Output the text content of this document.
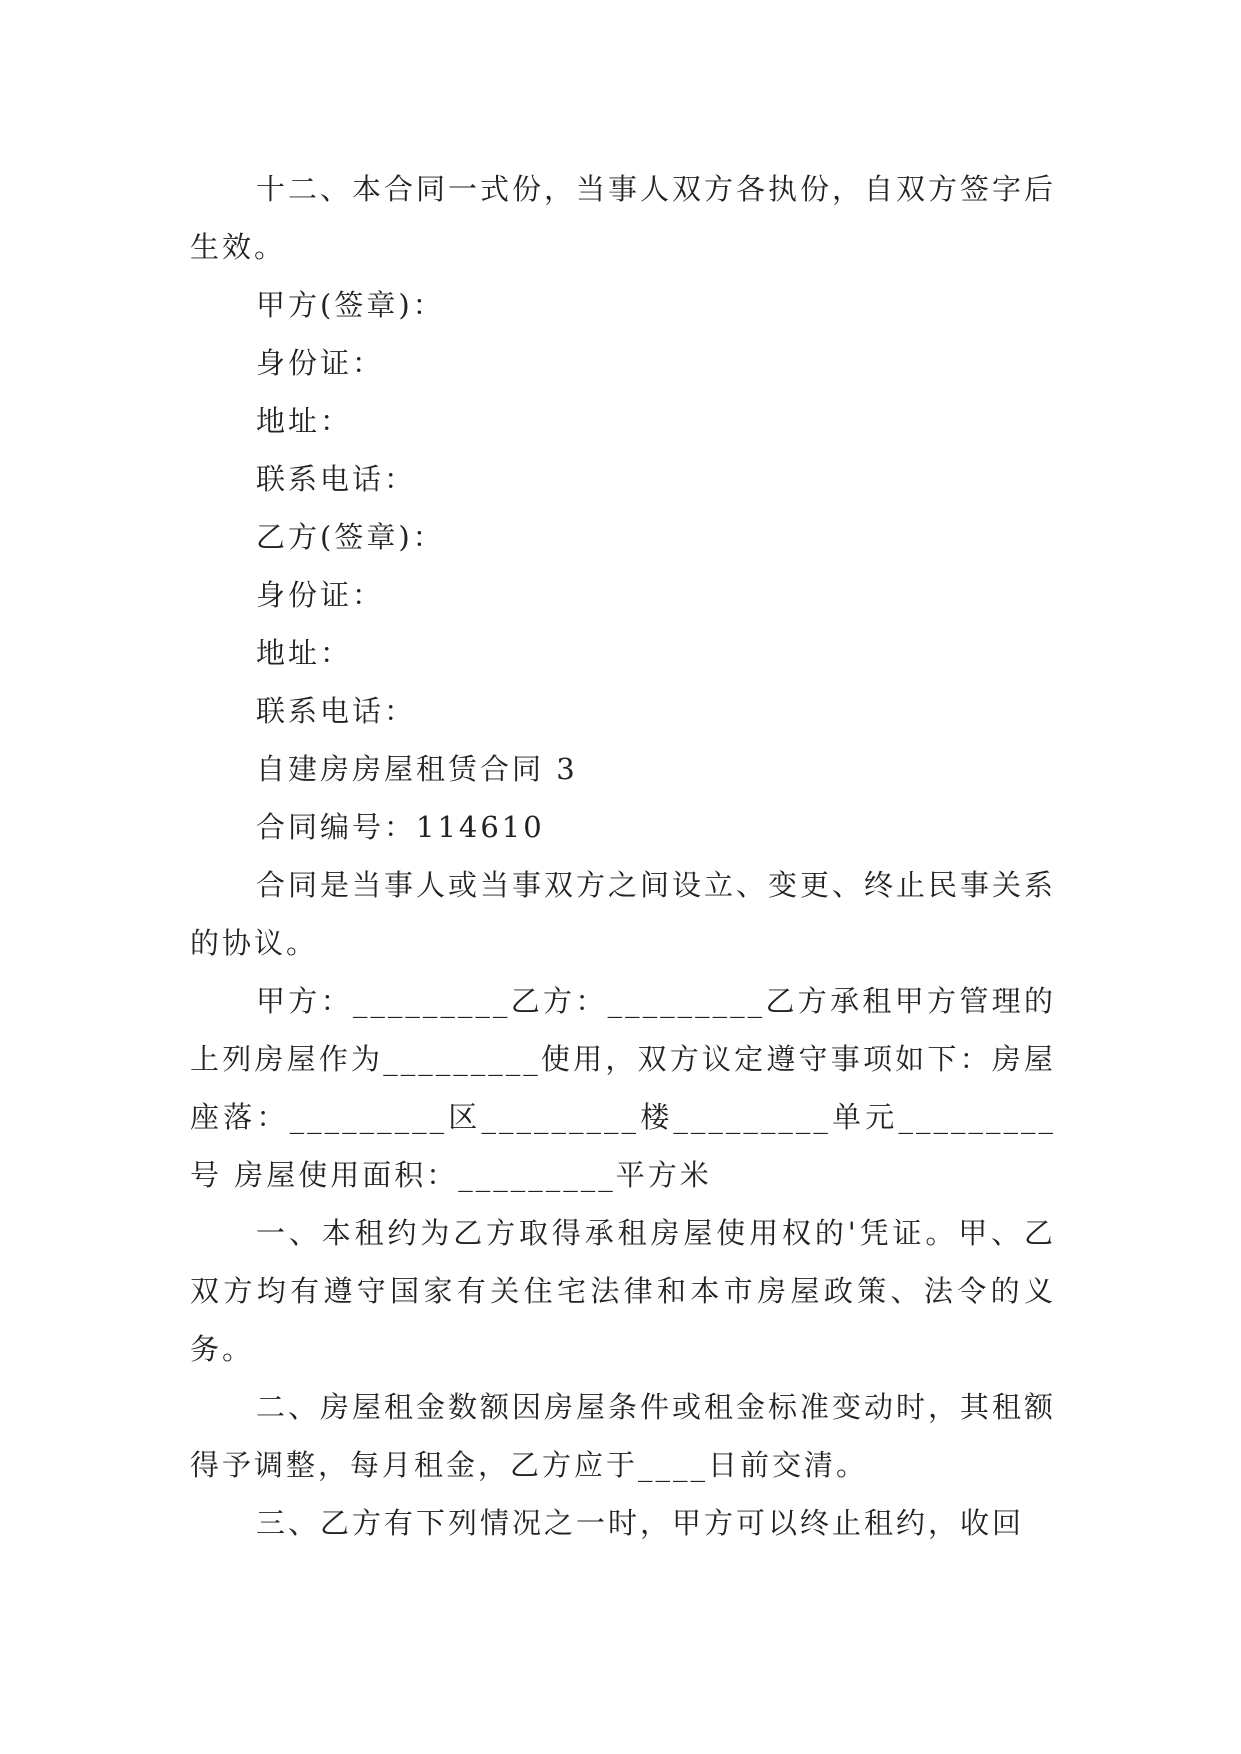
十二、本合同一式份，当事人双方各执份，自双方签字后生效。

甲方(签章)：

身份证：

地址：

联系电话：

乙方(签章)：

身份证：

地址：

联系电话：

自建房房屋租赁合同 3

合同编号：114610

合同是当事人或当事双方之间设立、变更、终止民事关系的协议。

甲方：_________乙方：_________乙方承租甲方管理的上列房屋作为_________使用，双方议定遵守事项如下：房屋座落：_________区_________楼_________单元_________号 房屋使用面积：_________平方米

一、本租约为乙方取得承租房屋使用权的'凭证。甲、乙双方均有遵守国家有关住宅法律和本市房屋政策、法令的义务。

二、房屋租金数额因房屋条件或租金标准变动时，其租额得予调整，每月租金，乙方应于____日前交清。

三、乙方有下列情况之一时，甲方可以终止租约，收回
